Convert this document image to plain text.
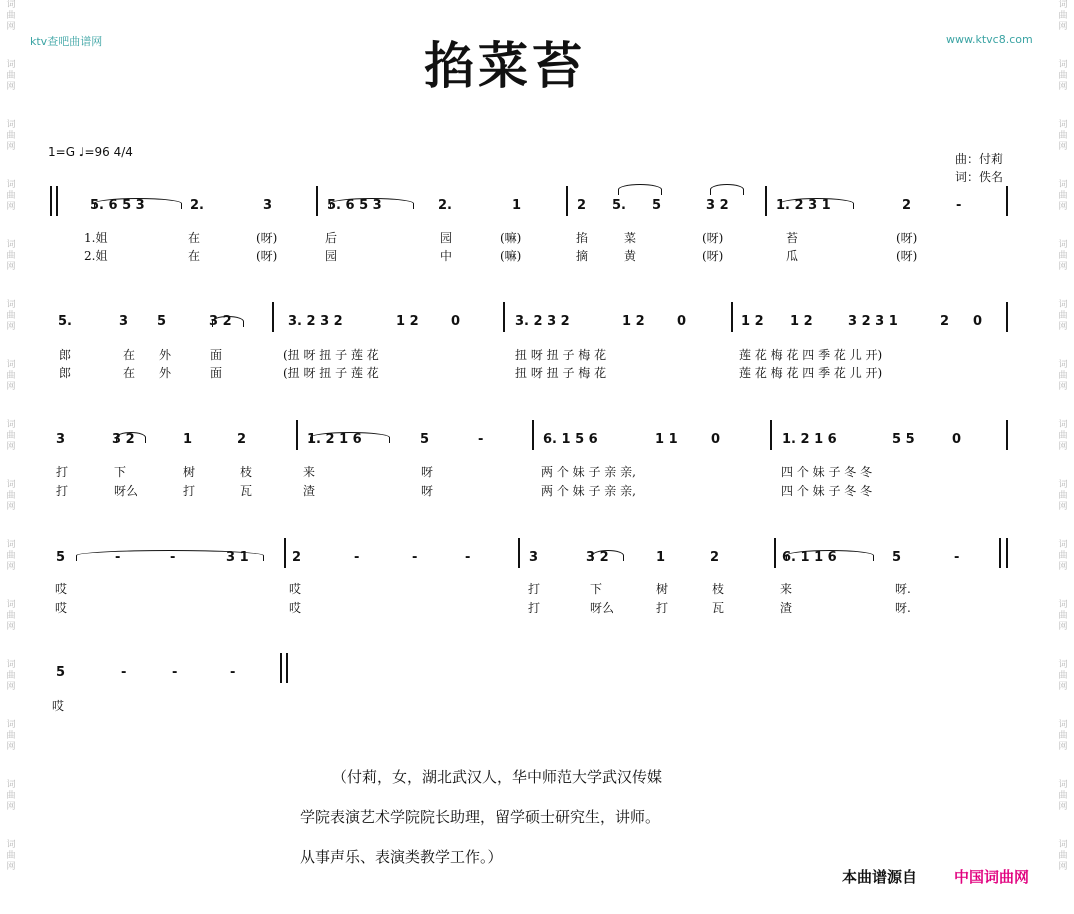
词
曲
网
词
曲
网
词
曲
网
词
曲
网
词
曲
网
词
曲
网
词
曲
网
词
曲
网
词
曲
网
词
曲
网
词
曲
网
词
曲
网
词
曲
网
词
曲
网
词
曲
网
词
曲
网
词
曲
网
词
曲
网
词
曲
网
词
曲
网
词
曲
网
词
曲
网
词
曲
网
词
曲
网
词
曲
网
词
曲
网
词
曲
网
词
曲
网
词
曲
网
词
曲
网
ktv查吧曲谱网	www.ktvc8.com
掐菜苔
1=G ♩=96 4/4	曲：付莉
词：佚名
5. 6 5 3	2.	3	5. 6 5 3	2.	1	2 5. 5	3 2	1. 2 3 1	2	-
1.姐	在	(呀)	后	园	(嘛)	掐	菜	(呀)	苔	(呀)
2.姐	在	(呀)	园	中	(嘛)	摘	黄	(呀)	瓜	(呀)
5.	3 5	3 2	3. 2 3 2	1 2 0	3. 2 3 2	1 2 0	1 2 1 2	3 2 3 1	2 0
郎	在 外	面	(扭 呀 扭 子 莲 花	扭 呀 扭 子 梅 花	莲 花 梅 花 四 季 花 儿 开)
郎	在 外	面	(扭 呀 扭 子 莲 花	扭 呀 扭 子 梅 花	莲 花 梅 花 四 季 花 儿 开)
3	3 2	1	2	1. 2 1 6	5	-	6. 1 5 6	1 1	0	1. 2 1 6	5 5	0
打	下	树	枝	来	呀	两 个 妹 子 亲 亲,	四 个 妹 子 冬 冬
打	呀么	打	瓦	渣	呀	两 个 妹 子 亲 亲,	四 个 妹 子 冬 冬
5	-	-	3 1	2	-	-	-	3	3 2	1	2	6. 1 1 6	5	-
哎	哎	打	下	树	枝	来	呀.
哎	哎	打	呀么	打	瓦	渣	呀.
5	-	-	-
哎
（付莉，女，湖北武汉人，华中师范大学武汉传媒
学院表演艺术学院院长助理，留学硕士研究生，讲师。
从事声乐、表演类教学工作。）
本曲谱源自 中国词曲网
